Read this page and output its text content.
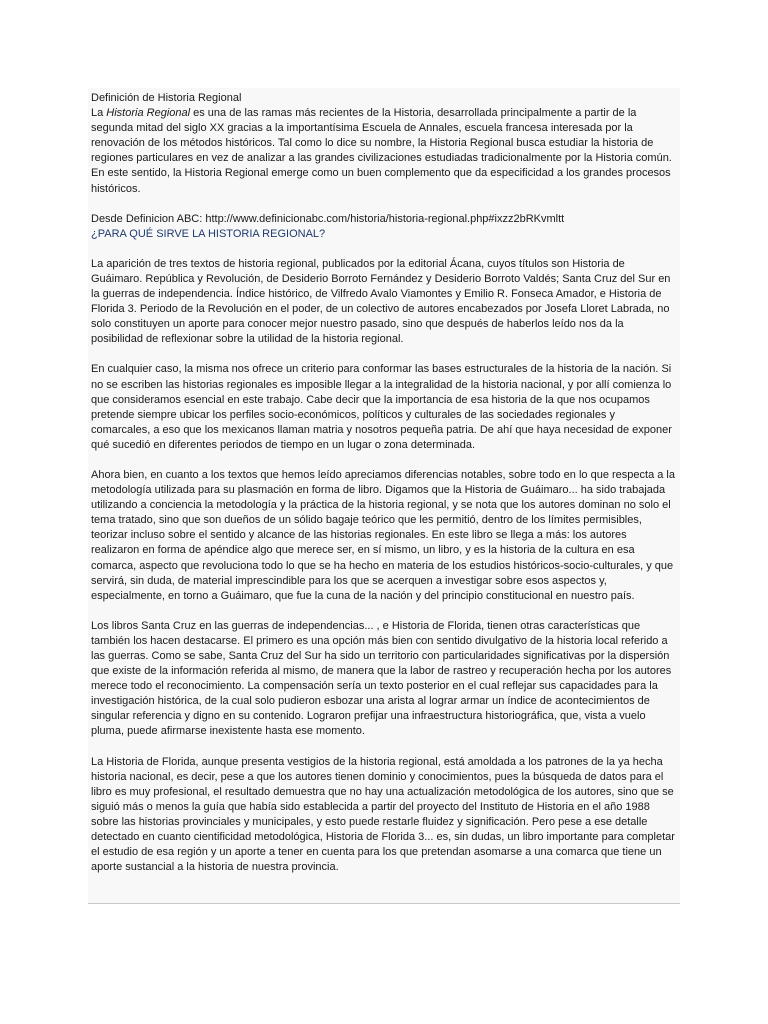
Definición de Historia Regional

La Historia Regional es una de las ramas más recientes de la Historia, desarrollada principalmente a partir de la segunda mitad del siglo XX gracias a la importantísima Escuela de Annales, escuela francesa interesada por la renovación de los métodos históricos. Tal como lo dice su nombre, la Historia Regional busca estudiar la historia de regiones particulares en vez de analizar a las grandes civilizaciones estudiadas tradicionalmente por la Historia común. En este sentido, la Historia Regional emerge como un buen complemento que da especificidad a los grandes procesos históricos.

Desde Definicion ABC: http://www.definicionabc.com/historia/historia-regional.php#ixzz2bRKvmltt

¿PARA QUÉ SIRVE LA HISTORIA REGIONAL?

La aparición de tres textos de historia regional, publicados por la editorial Ácana, cuyos títulos son Historia de Guáimaro. República y Revolución, de Desiderio Borroto Fernández y Desiderio Borroto Valdés; Santa Cruz del Sur en la guerras de independencia. Índice histórico, de Vilfredo Avalo Viamontes y Emilio R. Fonseca Amador, e Historia de Florida 3. Periodo de la Revolución en el poder, de un colectivo de autores encabezados por Josefa Lloret Labrada, no solo constituyen un aporte para conocer mejor nuestro pasado, sino que después de haberlos leído nos da la posibilidad de reflexionar sobre la utilidad de la historia regional.

En cualquier caso, la misma nos ofrece un criterio para conformar las bases estructurales de la historia de la nación. Si no se escriben las historias regionales es imposible llegar a la integralidad de la historia nacional, y por allí comienza lo que consideramos esencial en este trabajo. Cabe decir que la importancia de esa historia de la que nos ocupamos pretende siempre ubicar los perfiles socio-económicos, políticos y culturales de las sociedades regionales y comarcales, a eso que los mexicanos llaman matria y nosotros pequeña patria. De ahí que haya necesidad de exponer qué sucedió en diferentes periodos de tiempo en un lugar o zona determinada.

Ahora bien, en cuanto a los textos que hemos leído apreciamos diferencias notables, sobre todo en lo que respecta a la metodología utilizada para su plasmación en forma de libro. Digamos que la Historia de Guáimaro... ha sido trabajada utilizando a conciencia la metodología y la práctica de la historia regional, y se nota que los autores dominan no solo el tema tratado, sino que son dueños de un sólido bagaje teórico que les permitió, dentro de los límites permisibles, teorizar incluso sobre el sentido y alcance de las historias regionales. En este libro se llega a más: los autores realizaron en forma de apéndice algo que merece ser, en sí mismo, un libro, y es la historia de la cultura en esa comarca, aspecto que revoluciona todo lo que se ha hecho en materia de los estudios históricos-socio-culturales, y que servirá, sin duda, de material imprescindible para los que se acerquen a investigar sobre esos aspectos y, especialmente, en torno a Guáimaro, que fue la cuna de la nación y del principio constitucional en nuestro país.

Los libros Santa Cruz en las guerras de independencias... , e Historia de Florida, tienen otras características que también los hacen destacarse. El primero es una opción más bien con sentido divulgativo de la historia local referido a las guerras. Como se sabe, Santa Cruz del Sur ha sido un territorio con particularidades significativas por la dispersión que existe de la información referida al mismo, de manera que la labor de rastreo y recuperación hecha por los autores merece todo el reconocimiento. La compensación sería un texto posterior en el cual reflejar sus capacidades para la investigación histórica, de la cual solo pudieron esbozar una arista al lograr armar un índice de acontecimientos de singular referencia y digno en su contenido. Lograron prefijar una infraestructura historiográfica, que, vista a vuelo pluma, puede afirmarse inexistente hasta ese momento.

La Historia de Florida, aunque presenta vestigios de la historia regional, está amoldada a los patrones de la ya hecha historia nacional, es decir, pese a que los autores tienen dominio y conocimientos, pues la búsqueda de datos para el libro es muy profesional, el resultado demuestra que no hay una actualización metodológica de los autores, sino que se siguió más o menos la guía que había sido establecida a partir del proyecto del Instituto de Historia en el año 1988 sobre las historias provinciales y municipales, y esto puede restarle fluidez y significación. Pero pese a ese detalle detectado en cuanto cientificidad metodológica, Historia de Florida 3... es, sin dudas, un libro importante para completar el estudio de esa región y un aporte a tener en cuenta para los que pretendan asomarse a una comarca que tiene un aporte sustancial a la historia de nuestra provincia.
